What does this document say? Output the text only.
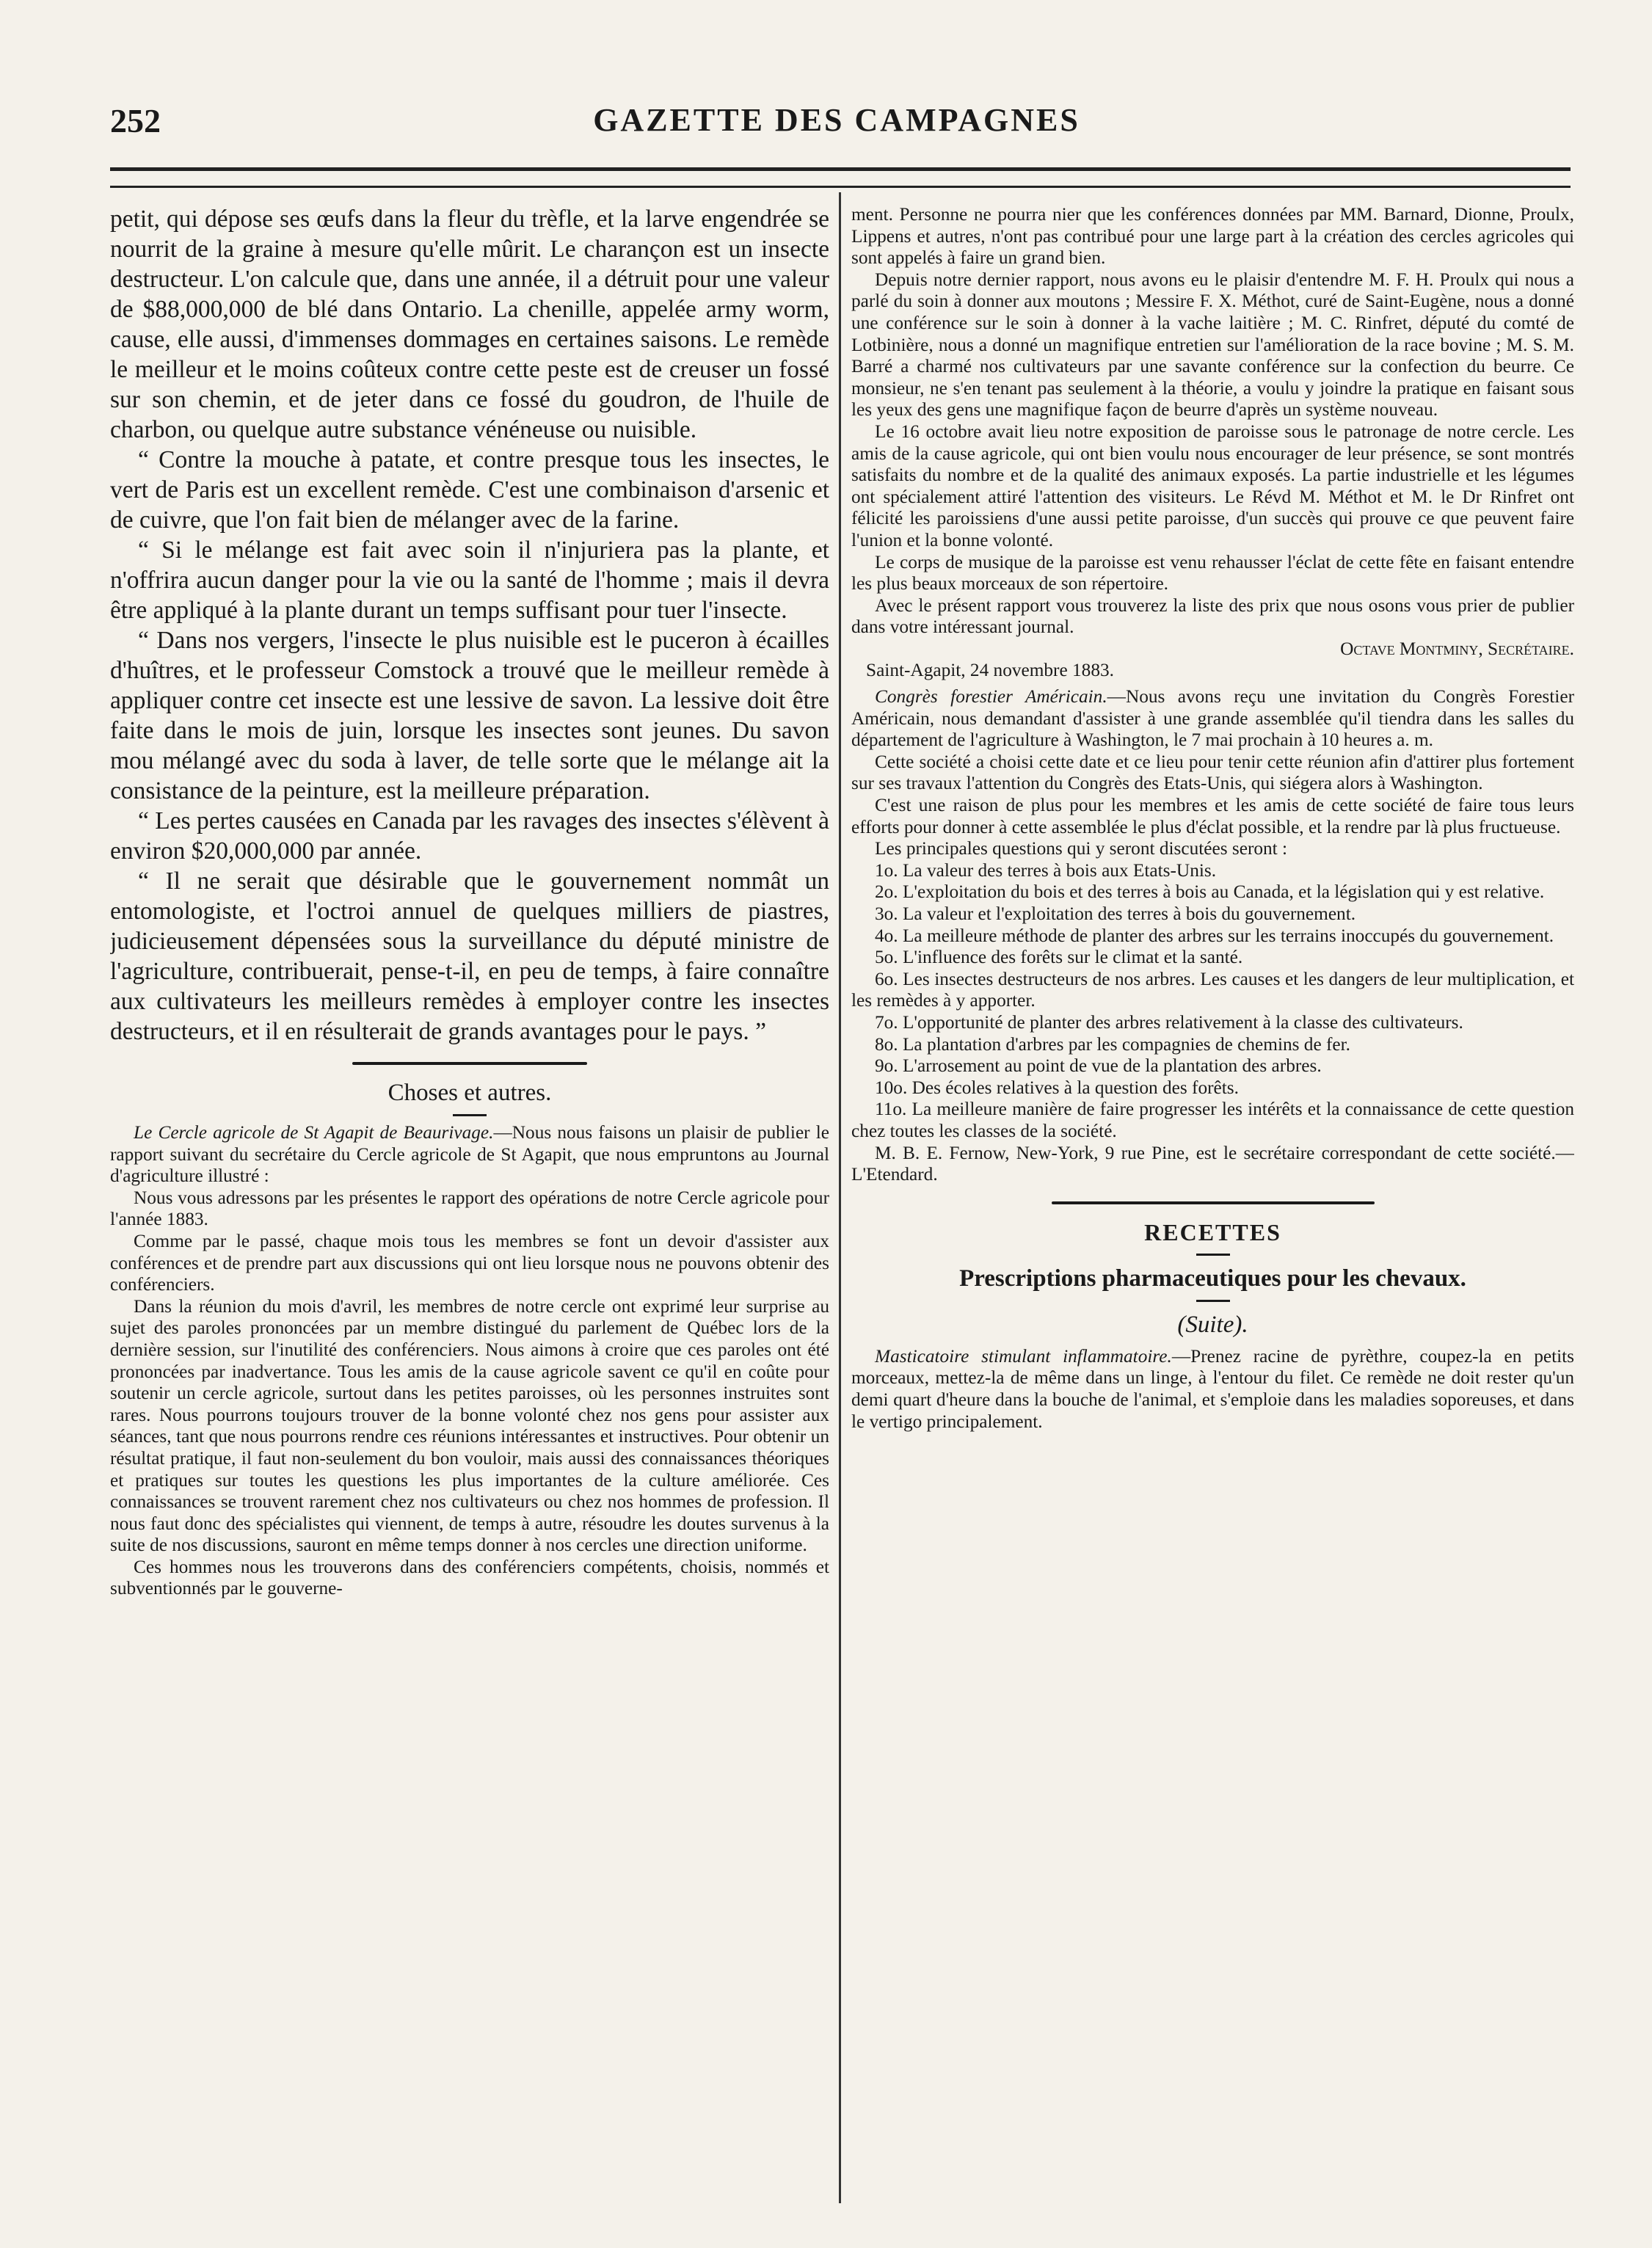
252	GAZETTE DES CAMPAGNES

petit, qui dépose ses œufs dans la fleur du trèfle, et la larve engendrée se nourrit de la graine à mesure qu'elle mûrit. Le charançon est un insecte destructeur. L'on calcule que, dans une année, il a détruit pour une valeur de $88,000,000 de blé dans Ontario. La chenille, appelée army worm, cause, elle aussi, d'immenses dommages en certaines saisons. Le remède le meilleur et le moins coûteux contre cette peste est de creuser un fossé sur son chemin, et de jeter dans ce fossé du goudron, de l'huile de charbon, ou quelque autre substance vénéneuse ou nuisible.

“ Contre la mouche à patate, et contre presque tous les insectes, le vert de Paris est un excellent remède. C'est une combinaison d'arsenic et de cuivre, que l'on fait bien de mélanger avec de la farine.

“ Si le mélange est fait avec soin il n'injuriera pas la plante, et n'offrira aucun danger pour la vie ou la santé de l'homme ; mais il devra être appliqué à la plante durant un temps suffisant pour tuer l'insecte.

“ Dans nos vergers, l'insecte le plus nuisible est le puceron à écailles d'huîtres, et le professeur Comstock a trouvé que le meilleur remède à appliquer contre cet insecte est une lessive de savon. La lessive doit être faite dans le mois de juin, lorsque les insectes sont jeunes. Du savon mou mélangé avec du soda à laver, de telle sorte que le mélange ait la consistance de la peinture, est la meilleure préparation.

“ Les pertes causées en Canada par les ravages des insectes s'élèvent à environ $20,000,000 par année.

“ Il ne serait que désirable que le gouvernement nommât un entomologiste, et l'octroi annuel de quelques milliers de piastres, judicieusement dépensées sous la surveillance du député ministre de l'agriculture, contribuerait, pense-t-il, en peu de temps, à faire connaître aux cultivateurs les meilleurs remèdes à employer contre les insectes destructeurs, et il en résulterait de grands avantages pour le pays. ”

Choses et autres.

Le Cercle agricole de St Agapit de Beaurivage.—Nous nous faisons un plaisir de publier le rapport suivant du secrétaire du Cercle agricole de St Agapit, que nous empruntons au Journal d'agriculture illustré :

Nous vous adressons par les présentes le rapport des opérations de notre Cercle agricole pour l'année 1883.

Comme par le passé, chaque mois tous les membres se font un devoir d'assister aux conférences et de prendre part aux discussions qui ont lieu lorsque nous ne pouvons obtenir des conférenciers.

Dans la réunion du mois d'avril, les membres de notre cercle ont exprimé leur surprise au sujet des paroles prononcées par un membre distingué du parlement de Québec lors de la dernière session, sur l'inutilité des conférenciers. Nous aimons à croire que ces paroles ont été prononcées par inadvertance. Tous les amis de la cause agricole savent ce qu'il en coûte pour soutenir un cercle agricole, surtout dans les petites paroisses, où les personnes instruites sont rares. Nous pourrons toujours trouver de la bonne volonté chez nos gens pour assister aux séances, tant que nous pourrons rendre ces réunions intéressantes et instructives. Pour obtenir un résultat pratique, il faut non-seulement du bon vouloir, mais aussi des connaissances théoriques et pratiques sur toutes les questions les plus importantes de la culture améliorée. Ces connaissances se trouvent rarement chez nos cultivateurs ou chez nos hommes de profession. Il nous faut donc des spécialistes qui viennent, de temps à autre, résoudre les doutes survenus à la suite de nos discussions, sauront en même temps donner à nos cercles une direction uniforme.

Ces hommes nous les trouverons dans des conférenciers compétents, choisis, nommés et subventionnés par le gouverne-

ment. Personne ne pourra nier que les conférences données par MM. Barnard, Dionne, Proulx, Lippens et autres, n'ont pas contribué pour une large part à la création des cercles agricoles qui sont appelés à faire un grand bien.

Depuis notre dernier rapport, nous avons eu le plaisir d'entendre M. F. H. Proulx qui nous a parlé du soin à donner aux moutons ; Messire F. X. Méthot, curé de Saint-Eugène, nous a donné une conférence sur le soin à donner à la vache laitière ; M. C. Rinfret, député du comté de Lotbinière, nous a donné un magnifique entretien sur l'amélioration de la race bovine ; M. S. M. Barré a charmé nos cultivateurs par une savante conférence sur la confection du beurre. Ce monsieur, ne s'en tenant pas seulement à la théorie, a voulu y joindre la pratique en faisant sous les yeux des gens une magnifique façon de beurre d'après un système nouveau.

Le 16 octobre avait lieu notre exposition de paroisse sous le patronage de notre cercle. Les amis de la cause agricole, qui ont bien voulu nous encourager de leur présence, se sont montrés satisfaits du nombre et de la qualité des animaux exposés. La partie industrielle et les légumes ont spécialement attiré l'attention des visiteurs. Le Révd M. Méthot et M. le Dr Rinfret ont félicité les paroissiens d'une aussi petite paroisse, d'un succès qui prouve ce que peuvent faire l'union et la bonne volonté.

Le corps de musique de la paroisse est venu rehausser l'éclat de cette fête en faisant entendre les plus beaux morceaux de son répertoire.

Avec le présent rapport vous trouverez la liste des prix que nous osons vous prier de publier dans votre intéressant journal.

Octave Montminy, Secrétaire.

Saint-Agapit, 24 novembre 1883.

Congrès forestier Américain.—Nous avons reçu une invitation du Congrès Forestier Américain, nous demandant d'assister à une grande assemblée qu'il tiendra dans les salles du département de l'agriculture à Washington, le 7 mai prochain à 10 heures a. m.

Cette société a choisi cette date et ce lieu pour tenir cette réunion afin d'attirer plus fortement sur ses travaux l'attention du Congrès des Etats-Unis, qui siégera alors à Washington.

C'est une raison de plus pour les membres et les amis de cette société de faire tous leurs efforts pour donner à cette assemblée le plus d'éclat possible, et la rendre par là plus fructueuse.

Les principales questions qui y seront discutées seront :

1o. La valeur des terres à bois aux Etats-Unis.

2o. L'exploitation du bois et des terres à bois au Canada, et la législation qui y est relative.

3o. La valeur et l'exploitation des terres à bois du gouvernement.

4o. La meilleure méthode de planter des arbres sur les terrains inoccupés du gouvernement.

5o. L'influence des forêts sur le climat et la santé.

6o. Les insectes destructeurs de nos arbres. Les causes et les dangers de leur multiplication, et les remèdes à y apporter.

7o. L'opportunité de planter des arbres relativement à la classe des cultivateurs.

8o. La plantation d'arbres par les compagnies de chemins de fer.

9o. L'arrosement au point de vue de la plantation des arbres.

10o. Des écoles relatives à la question des forêts.

11o. La meilleure manière de faire progresser les intérêts et la connaissance de cette question chez toutes les classes de la société.

M. B. E. Fernow, New-York, 9 rue Pine, est le secrétaire correspondant de cette société.—L'Etendard.

RECETTES
Prescriptions pharmaceutiques pour les chevaux.
(Suite).

Masticatoire stimulant inflammatoire.—Prenez racine de pyrèthre, coupez-la en petits morceaux, mettez-la de même dans un linge, à l'entour du filet. Ce remède ne doit rester qu'un demi quart d'heure dans la bouche de l'animal, et s'emploie dans les maladies soporeuses, et dans le vertigo principalement.
